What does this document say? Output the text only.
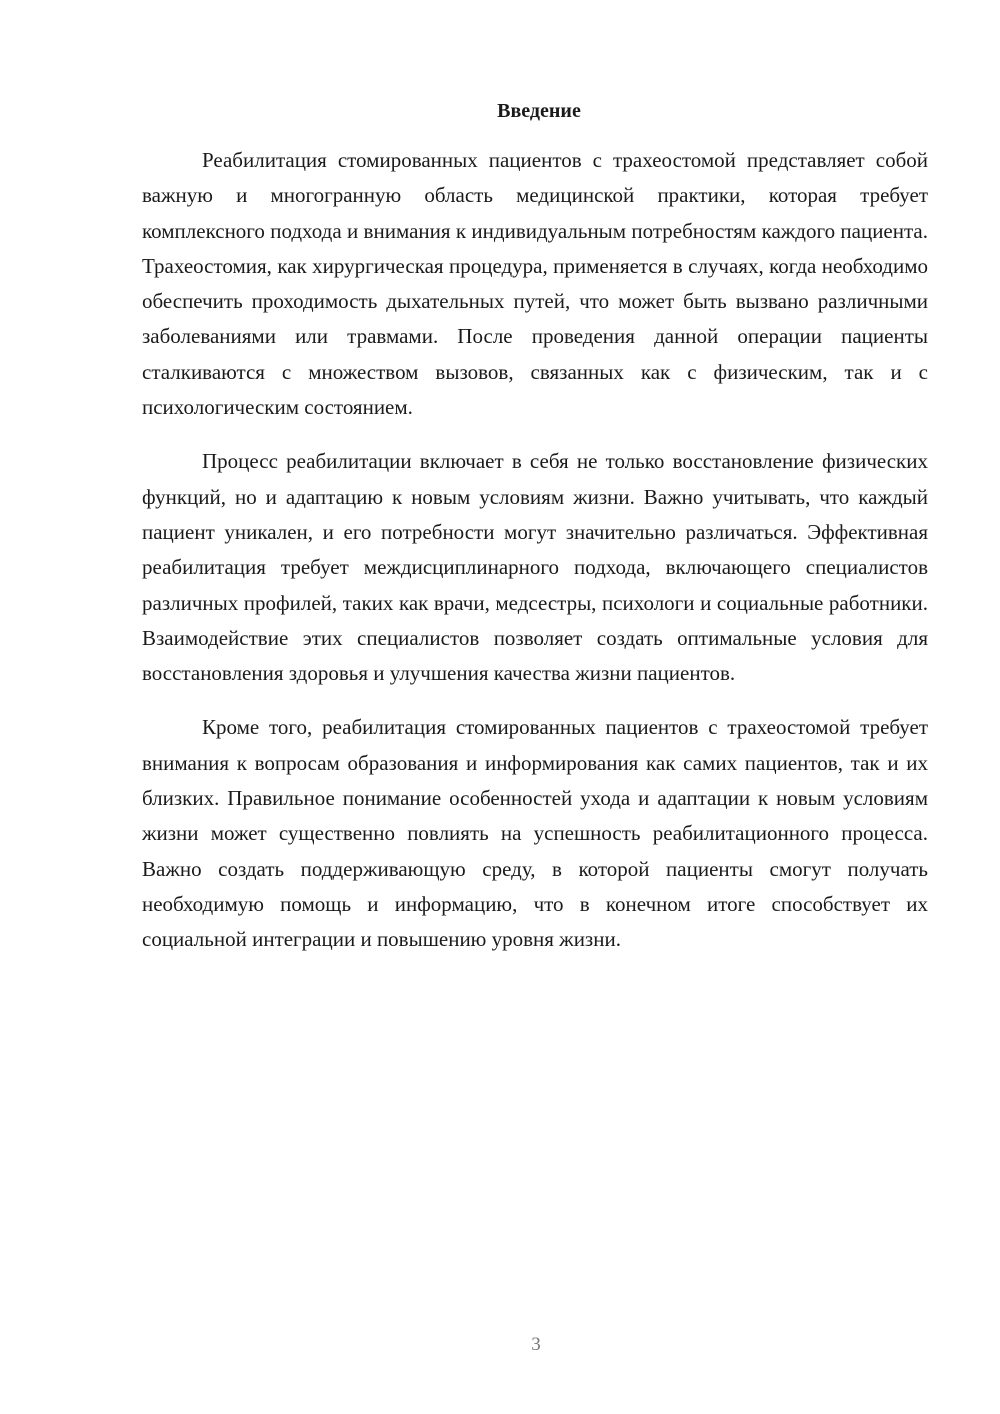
Введение

Реабилитация стомированных пациентов с трахеостомой представляет собой важную и многогранную область медицинской практики, которая требует комплексного подхода и внимания к индивидуальным потребностям каждого пациента. Трахеостомия, как хирургическая процедура, применяется в случаях, когда необходимо обеспечить проходимость дыхательных путей, что может быть вызвано различными заболеваниями или травмами. После проведения данной операции пациенты сталкиваются с множеством вызовов, связанных как с физическим, так и с психологическим состоянием.

Процесс реабилитации включает в себя не только восстановление физических функций, но и адаптацию к новым условиям жизни. Важно учитывать, что каждый пациент уникален, и его потребности могут значительно различаться. Эффективная реабилитация требует междисциплинарного подхода, включающего специалистов различных профилей, таких как врачи, медсестры, психологи и социальные работники. Взаимодействие этих специалистов позволяет создать оптимальные условия для восстановления здоровья и улучшения качества жизни пациентов.

Кроме того, реабилитация стомированных пациентов с трахеостомой требует внимания к вопросам образования и информирования как самих пациентов, так и их близких. Правильное понимание особенностей ухода и адаптации к новым условиям жизни может существенно повлиять на успешность реабилитационного процесса. Важно создать поддерживающую среду, в которой пациенты смогут получать необходимую помощь и информацию, что в конечном итоге способствует их социальной интеграции и повышению уровня жизни.

3
